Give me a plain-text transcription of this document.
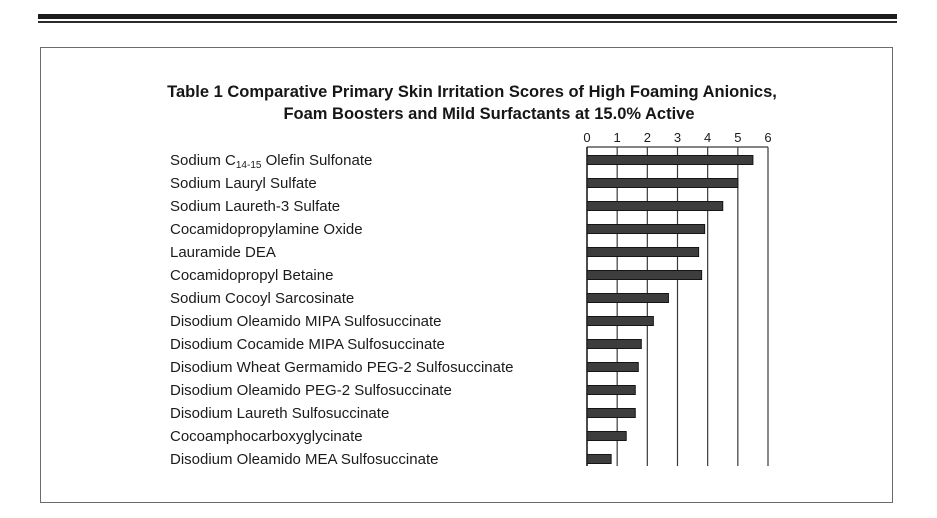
Table 1 Comparative Primary Skin Irritation Scores of High Foaming Anionics,
Foam Boosters and Mild Surfactants at 15.0% Active
0 1 2 3 4 5 6
Sodium $C_{14-15}$ Olefin Sulfonate
Sodium Lauryl Sulfate
Sodium Laureth-3 Sulfate
Cocamidopropylamine Oxide
Lauramide DEA
Cocamidopropyl Betaine
Sodium Cocoyl Sarcosinate
Disodium Oleamido MIPA Sulfosuccinate
Disodium Cocamide MIPA Sulfosuccinate
Disodium Wheat Germamido PEG-2 Sulfosuccinate
Disodium Oleamido PEG-2 Sulfosuccinate
Disodium Laureth Sulfosuccinate
Cocoamphocarboxyglycinate
Disodium Oleamido MEA Sulfosuccinate
